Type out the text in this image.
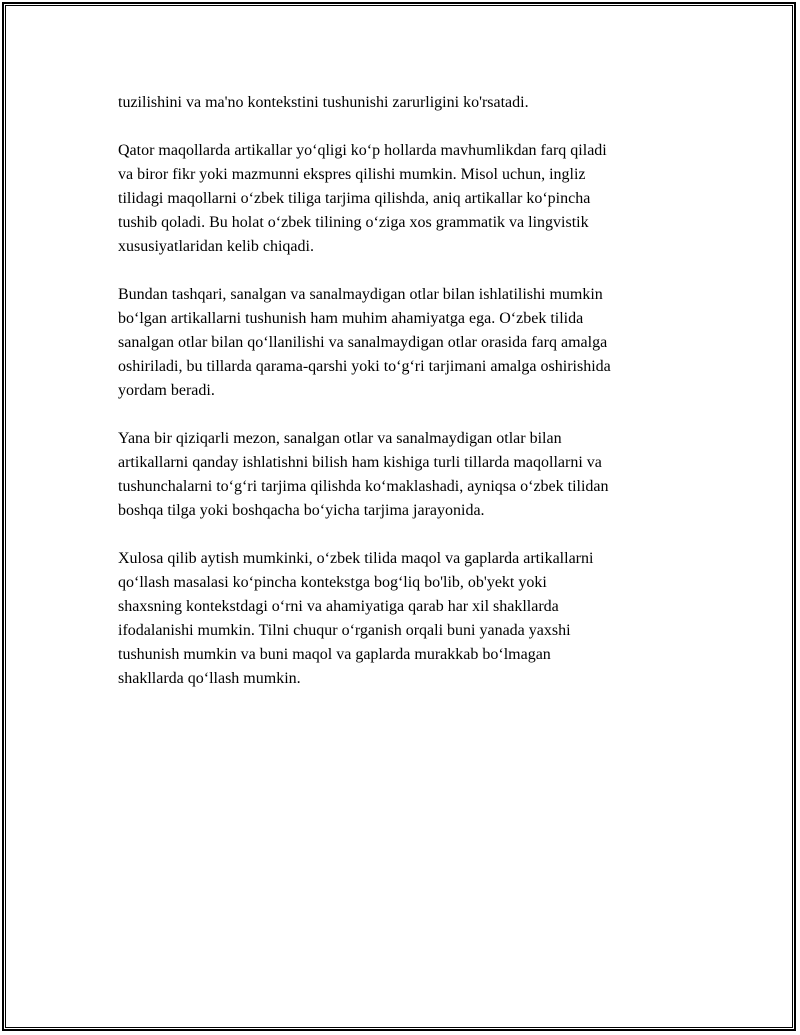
tuzilishini va ma'no kontekstini tushunishi zarurligini ko'rsatadi.

Qator maqollarda artikallar yo‘qligi ko‘p hollarda mavhumlikdan farq qiladi
va biror fikr yoki mazmunni ekspres qilishi mumkin. Misol uchun, ingliz
tilidagi maqollarni o‘zbek tiliga tarjima qilishda, aniq artikallar ko‘pincha
tushib qoladi. Bu holat o‘zbek tilining o‘ziga xos grammatik va lingvistik
xususiyatlaridan kelib chiqadi.

Bundan tashqari, sanalgan va sanalmaydigan otlar bilan ishlatilishi mumkin
bo‘lgan artikallarni tushunish ham muhim ahamiyatga ega. O‘zbek tilida
sanalgan otlar bilan qo‘llanilishi va sanalmaydigan otlar orasida farq amalga
oshiriladi, bu tillarda qarama-qarshi yoki to‘g‘ri tarjimani amalga oshirishida
yordam beradi.

Yana bir qiziqarli mezon, sanalgan otlar va sanalmaydigan otlar bilan
artikallarni qanday ishlatishni bilish ham kishiga turli tillarda maqollarni va
tushunchalarni to‘g‘ri tarjima qilishda ko‘maklashadi, ayniqsa o‘zbek tilidan
boshqa tilga yoki boshqacha bo‘yicha tarjima jarayonida.

Xulosa qilib aytish mumkinki, o‘zbek tilida maqol va gaplarda artikallarni
qo‘llash masalasi ko‘pincha kontekstga bog‘liq bo'lib, ob'yekt yoki
shaxsning kontekstdagi o‘rni va ahamiyatiga qarab har xil shakllarda
ifodalanishi mumkin. Tilni chuqur o‘rganish orqali buni yanada yaxshi
tushunish mumkin va buni maqol va gaplarda murakkab bo‘lmagan
shakllarda qo‘llash mumkin.
